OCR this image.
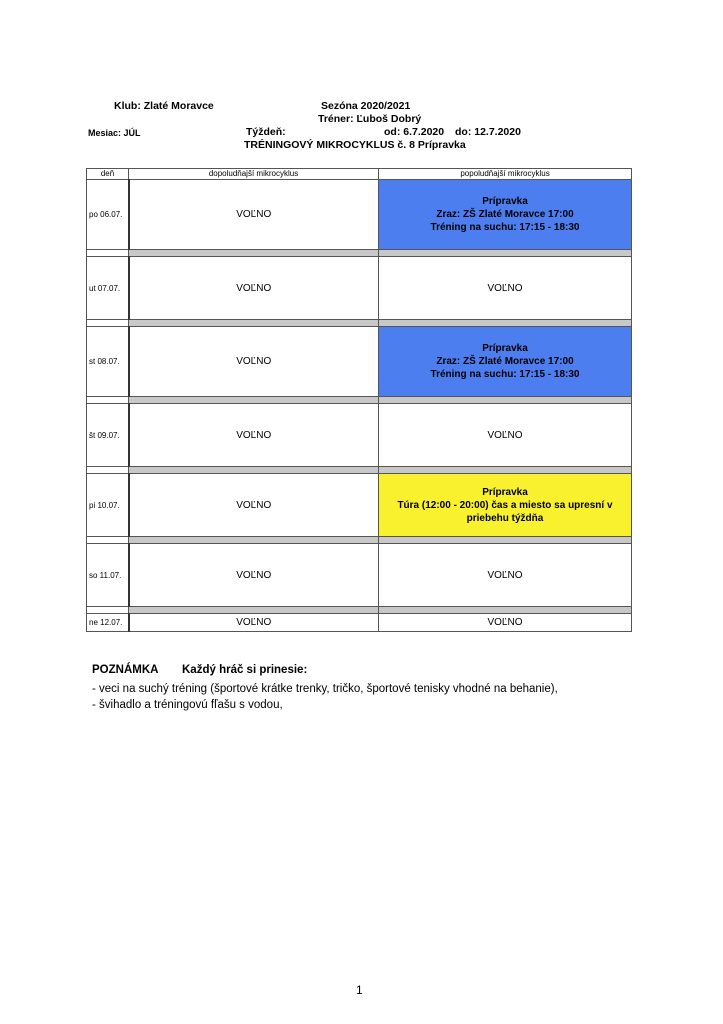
Klub: Zlaté Moravce	Sezóna 2020/2021
Tréner: Ľuboš Dobrý
Mesiac: JÚL	Týždeň:	od: 6.7.2020 do: 12.7.2020
TRÉNINGOVÝ MIKROCYKLUS č. 8 Prípravka
deň	dopoludňajší mikrocyklus	popoludňajší mikrocyklus
po 06.07.	VOĽNO	Prípravka
Zraz: ZŠ Zlaté Moravce 17:00
Tréning na suchu: 17:15 - 18:30

ut 07.07.	VOĽNO	VOĽNO

st 08.07.	VOĽNO	Prípravka
Zraz: ZŠ Zlaté Moravce 17:00
Tréning na suchu: 17:15 - 18:30

št 09.07.	VOĽNO	VOĽNO

pi 10.07.	VOĽNO	Prípravka
Túra (12:00 - 20:00) čas a miesto sa upresní v
priebehu týždňa

so 11.07.	VOĽNO	VOĽNO

ne 12.07.	VOĽNO	VOĽNO
POZNÁMKA Každý hráč si prinesie:
- veci na suchý tréning (športové krátke trenky, tričko, športové tenisky vhodné na behanie),
- švihadlo a tréningovú fľašu s vodou,
1
